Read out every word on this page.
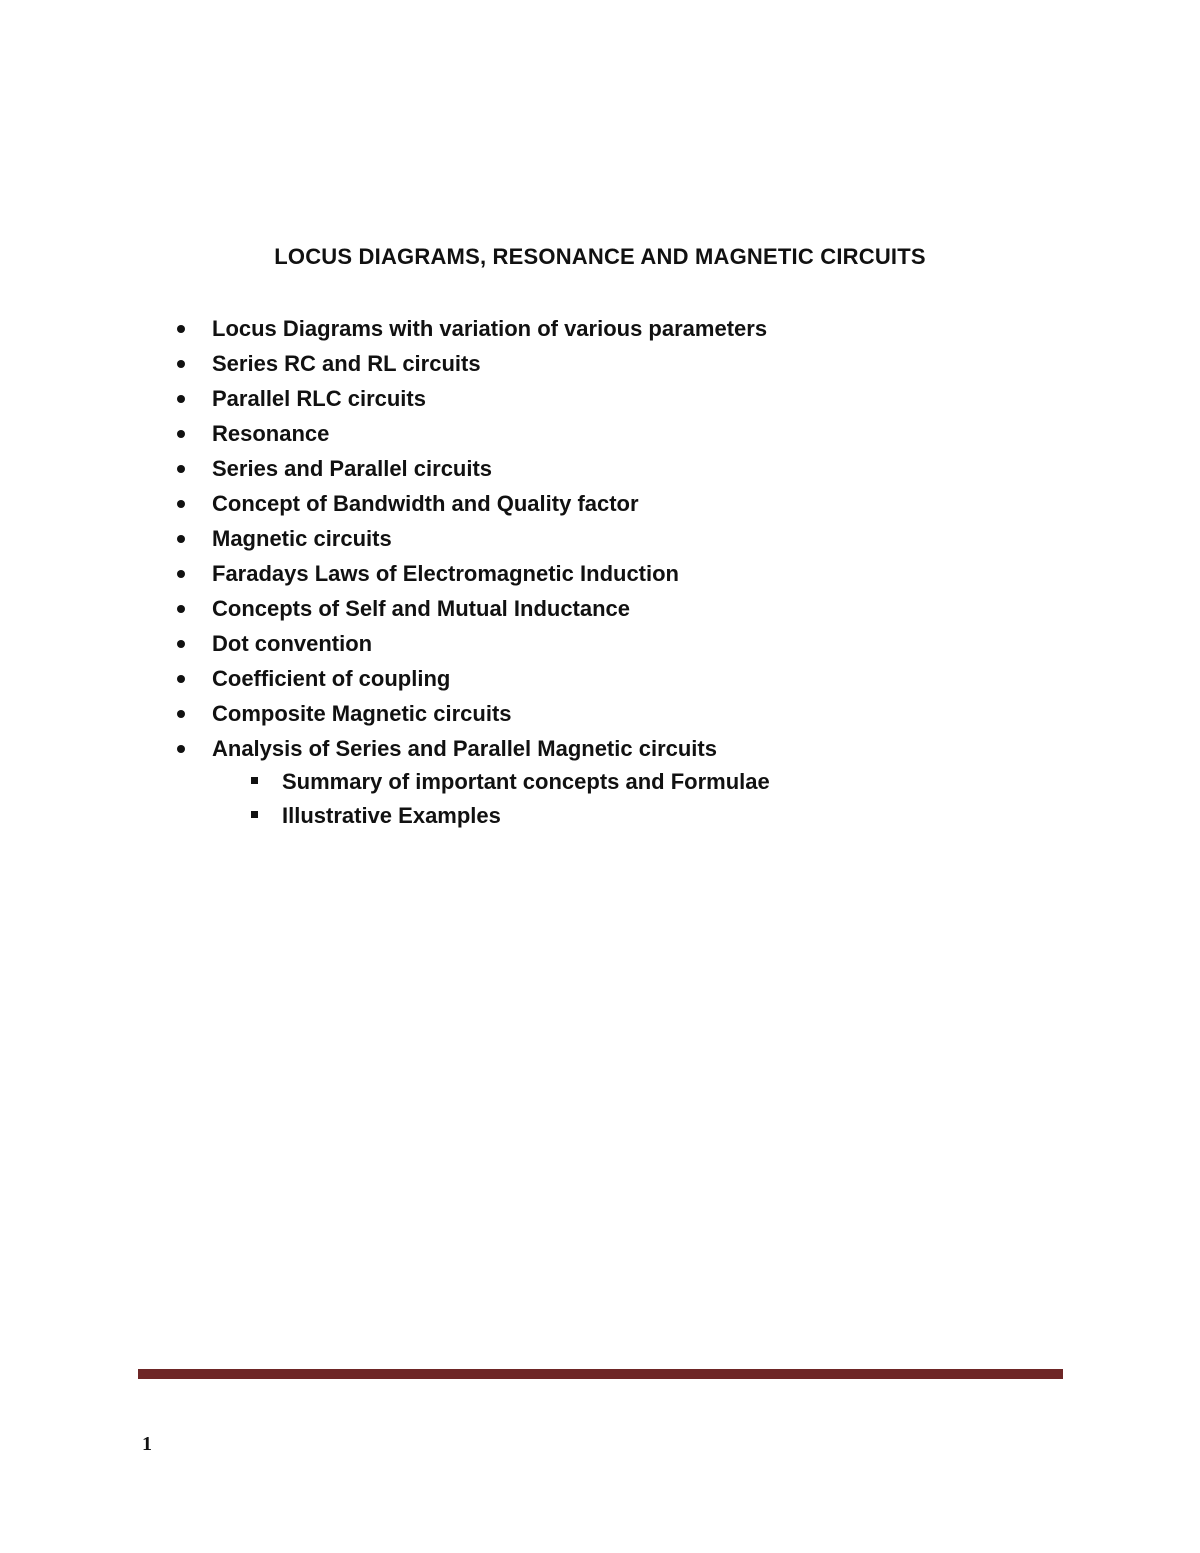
LOCUS DIAGRAMS, RESONANCE AND MAGNETIC CIRCUITS
Locus Diagrams with variation of various parameters
Series RC and RL circuits
Parallel RLC circuits
Resonance
Series and Parallel circuits
Concept of Bandwidth and Quality factor
Magnetic circuits
Faradays Laws of Electromagnetic Induction
Concepts of Self and Mutual Inductance
Dot convention
Coefficient of coupling
Composite Magnetic circuits
Analysis of Series and Parallel Magnetic circuits
Summary of important concepts and Formulae
Illustrative Examples
1
